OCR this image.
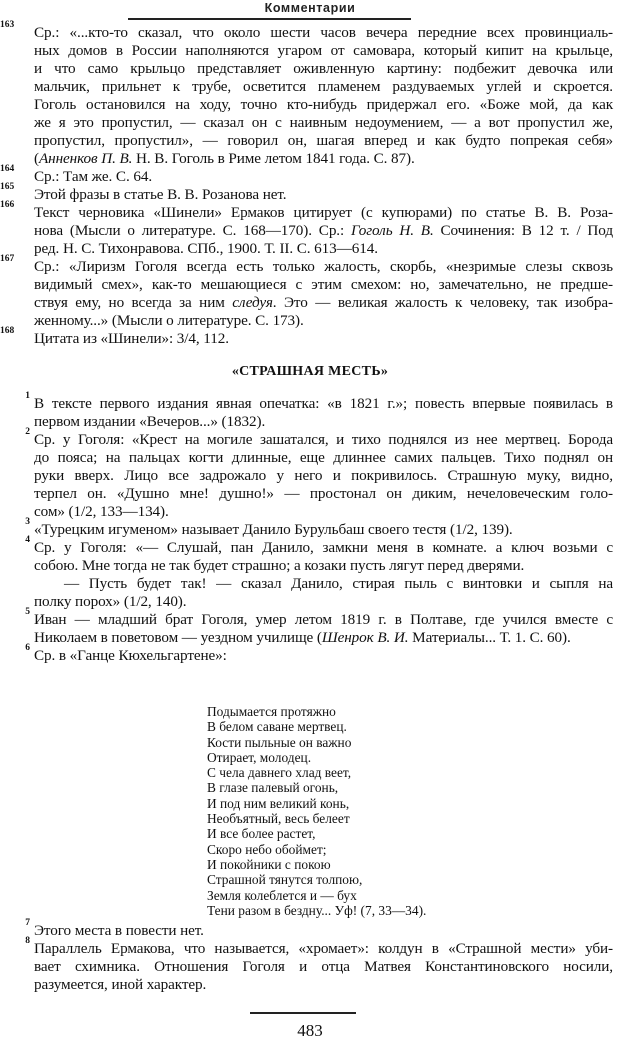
Комментарии
163 Ср.: «...кто-то сказал, что около шести часов вечера передние всех провинциаль-
ных домов в России наполняются угаром от самовара, который кипит на крыльце,
и что само крыльцо представляет оживленную картину: подбежит девочка или
мальчик, прильнет к трубе, осветится пламенем раздуваемых углей и скроется.
Гоголь остановился на ходу, точно кто-нибудь придержал его. «Боже мой, да как
же я это пропустил, — сказал он с наивным недоумением, — а вот пропустил же,
пропустил, пропустил», — говорил он, шагая вперед и как будто попрекая себя»
(Анненков П. В. Н. В. Гоголь в Риме летом 1841 года. С. 87).
164 Ср.: Там же. С. 64.
165 Этой фразы в статье В. В. Розанова нет.
166 Текст черновика «Шинели» Ермаков цитирует (с купюрами) по статье В. В. Роза-
нова (Мысли о литературе. С. 168—170). Ср.: Гоголь Н. В. Сочинения: В 12 т. / Под
ред. Н. С. Тихонравова. СПб., 1900. Т. II. С. 613—614.
167 Ср.: «Лиризм Гоголя всегда есть только жалость, скорбь, «незримые слезы сквозь
видимый смех», как-то мешающиеся с этим смехом: но, замечательно, не предше-
ствуя ему, но всегда за ним следуя. Это — великая жалость к человеку, так изобра-
женному...» (Мысли о литературе. С. 173).
168 Цитата из «Шинели»: 3/4, 112.
«СТРАШНАЯ МЕСТЬ»
1 В тексте первого издания явная опечатка: «в 1821 г.»; повесть впервые появилась в
первом издании «Вечеров...» (1832).
2 Ср. у Гоголя: «Крест на могиле зашатался, и тихо поднялся из нее мертвец. Борода
до пояса; на пальцах когти длинные, еще длиннее самих пальцев. Тихо поднял он
руки вверх. Лицо все задрожало у него и покривилось. Страшную муку, видно,
терпел он. «Душно мне! душно!» — простонал он диким, нечеловеческим голо-
сом» (1/2, 133—134).
3 «Турецким игуменом» называет Данило Бурульбаш своего тестя (1/2, 139).
4 Ср. у Гоголя: «— Слушай, пан Данило, замкни меня в комнате. а ключ возьми с
собою. Мне тогда не так будет страшно; а козаки пусть лягут перед дверями.
— Пусть будет так! — сказал Данило, стирая пыль с винтовки и сыпля на
полку порох» (1/2, 140).
5 Иван — младший брат Гоголя, умер летом 1819 г. в Полтаве, где учился вместе с
Николаем в поветовом — уездном училище (Шенрок В. И. Материалы... Т. 1. С. 60).
6 Ср. в «Ганце Кюхельгартене»:
Подымается протяжно
В белом саване мертвец.
Кости пыльные он важно
Отирает, молодец.
С чела давнего хлад веет,
В глазе палевый огонь,
И под ним великий конь,
Необъятный, весь белеет
И все более растет,
Скоро небо обоймет;
И покойники с покою
Страшной тянутся толпою,
Земля колеблется и — бух
Тени разом в бездну... Уф! (7, 33—34).
7 Этого места в повести нет.
8 Параллель Ермакова, что называется, «хромает»: колдун в «Страшной мести» уби-
вает схимника. Отношения Гоголя и отца Матвея Константиновского носили,
разумеется, иной характер.
483
